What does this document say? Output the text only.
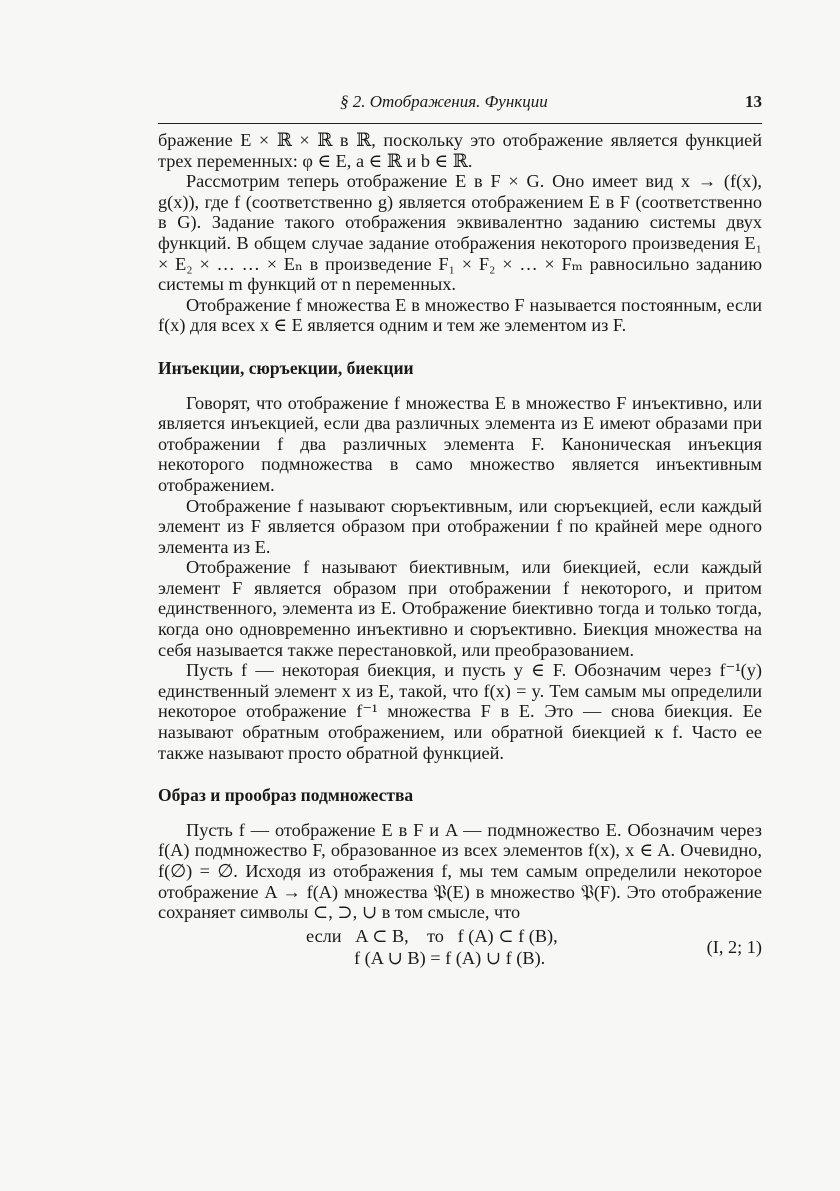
§ 2. Отображения. Функции	13

бражение E × ℝ × ℝ в ℝ, поскольку это отображение является функцией трех переменных: φ ∈ E, a ∈ ℝ и b ∈ ℝ.

Рассмотрим теперь отображение E в F × G. Оно имеет вид x → (f(x), g(x)), где f (соответственно g) является отображением E в F (соответственно в G). Задание такого отображения эквивалентно заданию системы двух функций. В общем случае задание отображения некоторого произведения E₁ × E₂ × … … × Eₙ в произведение F₁ × F₂ × … × Fₘ равносильно заданию системы m функций от n переменных.

Отображение f множества E в множество F называется постоянным, если f(x) для всех x ∈ E является одним и тем же элементом из F.

Инъекции, сюръекции, биекции

Говорят, что отображение f множества E в множество F инъективно, или является инъекцией, если два различных элемента из E имеют образами при отображении f два различных элемента F. Каноническая инъекция некоторого подмножества в само множество является инъективным отображением.

Отображение f называют сюръективным, или сюръекцией, если каждый элемент из F является образом при отображении f по крайней мере одного элемента из E.

Отображение f называют биективным, или биекцией, если каждый элемент F является образом при отображении f некоторого, и притом единственного, элемента из E. Отображение биективно тогда и только тогда, когда оно одновременно инъективно и сюръективно. Биекция множества на себя называется также перестановкой, или преобразованием.

Пусть f — некоторая биекция, и пусть y ∈ F. Обозначим через f⁻¹(y) единственный элемент x из E, такой, что f(x) = y. Тем самым мы определили некоторое отображение f⁻¹ множества F в E. Это — снова биекция. Ее называют обратным отображением, или обратной биекцией к f. Часто ее также называют просто обратной функцией.

Образ и прообраз подмножества

Пусть f — отображение E в F и A — подмножество E. Обозначим через f(A) подмножество F, образованное из всех элементов f(x), x ∈ A. Очевидно, f(∅) = ∅. Исходя из отображения f, мы тем самым определили некоторое отображение A → f(A) множества 𝔓(E) в множество 𝔓(F). Это отображение сохраняет символы ⊂, ⊃, ∪ в том смысле, что

если   A ⊂ B,    то   f (A) ⊂ f (B),
f (A ∪ B) = f (A) ∪ f (B).
(I, 2; 1)
